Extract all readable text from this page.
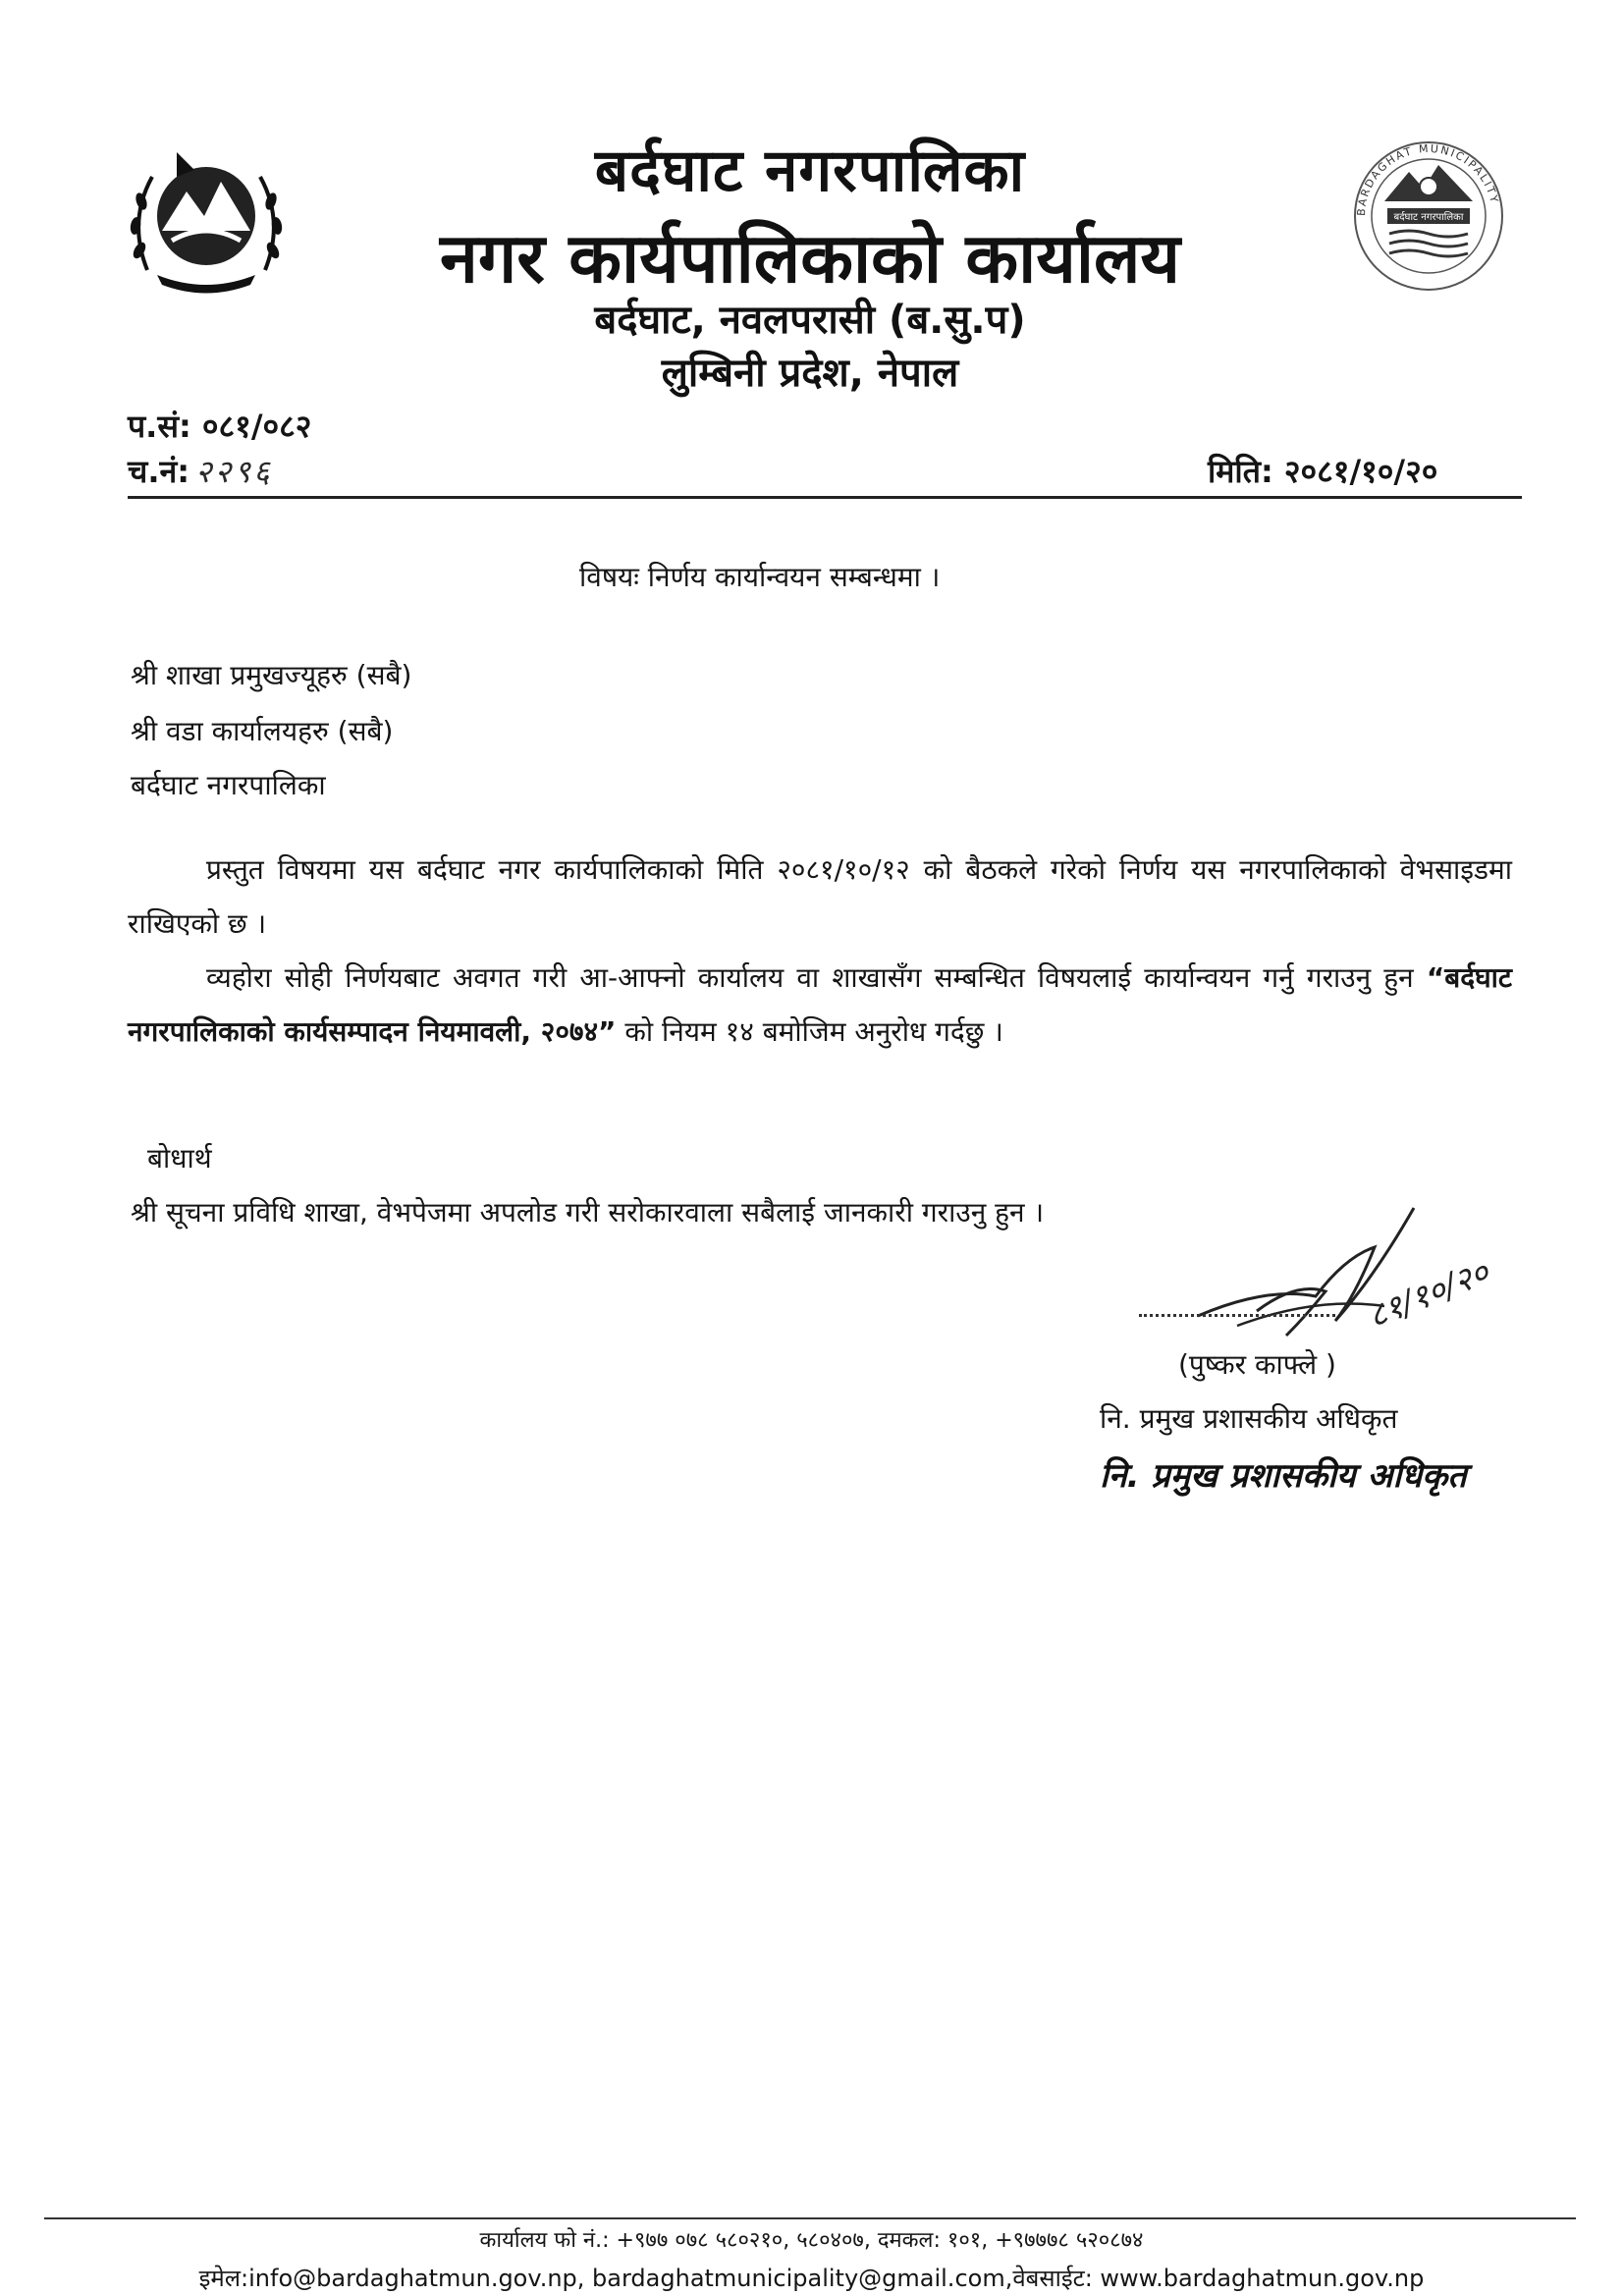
BARDAGHAT MUNICIPALITY
बर्दघाट नगरपालिका
बर्दघाट नगरपालिका
नगर कार्यपालिकाको कार्यालय
बर्दघाट, नवलपरासी (ब.सु.प)
लुम्बिनी प्रदेश, नेपाल
प.सं: ०८१/०८२
च.नं: २२९६	मिति: २०८१/१०/२०
विषयः निर्णय कार्यान्वयन सम्बन्धमा ।
श्री शाखा प्रमुखज्यूहरु (सबै)
श्री वडा कार्यालयहरु (सबै)
बर्दघाट नगरपालिका

प्रस्तुत विषयमा यस बर्दघाट नगर कार्यपालिकाको मिति २०८१/१०/१२ को बैठकले गरेको निर्णय यस नगरपालिकाको वेभसाइडमा राखिएको छ ।

व्यहोरा सोही निर्णयबाट अवगत गरी आ-आफ्नो कार्यालय वा शाखासँग सम्बन्धित विषयलाई कार्यान्वयन गर्नु गराउनु हुन “बर्दघाट नगरपालिकाको कार्यसम्पादन नियमावली, २०७४” को नियम १४ बमोजिम अनुरोध गर्दछु ।

बोधार्थ
श्री सूचना प्रविधि शाखा, वेभपेजमा अपलोड गरी सरोकारवाला सबैलाई जानकारी गराउनु हुन ।
८१/१०/२०
(पुष्कर काफ्ले )
नि. प्रमुख प्रशासकीय अधिकृत
नि. प्रमुख प्रशासकीय अधिकृत
कार्यालय फो नं.: +९७७ ०७८ ५८०२१०, ५८०४०७, दमकल: १०१, +९७७७८ ५२०८७४
इमेल:info@bardaghatmun.gov.np, bardaghatmunicipality@gmail.com,वेबसाईट: www.bardaghatmun.gov.np
